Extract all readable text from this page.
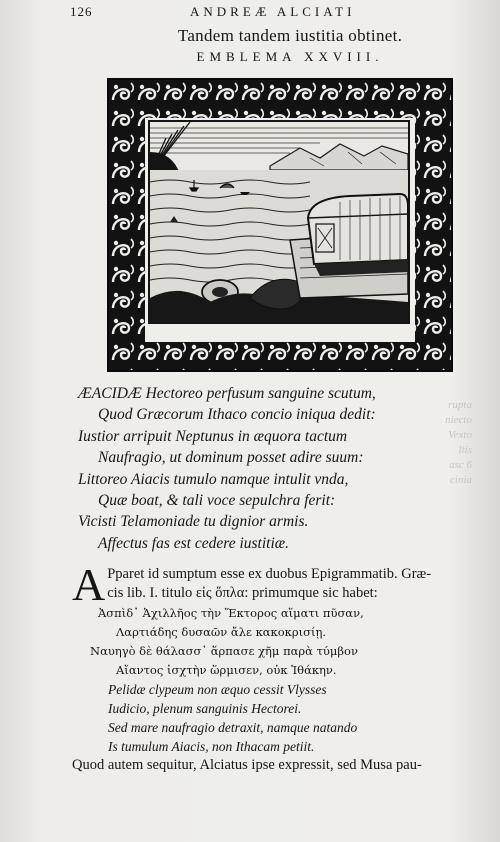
rupta
niecto
Vexto
ltis
asc 6
cinia
126	ANDREÆ ALCIATI
Tandem tandem iustitia obtinet.
EMBLEMA XXVIII.
ÆACIDÆ Hectoreo perfusum sanguine scutum,
Quod Græcorum Ithaco concio iniqua dedit:
Iustior arripuit Neptunus in æquora tactum
Naufragio, ut dominum posset adire suum:
Littoreo Aiacis tumulo namque intulit vnda,
Quæ boat, & tali voce sepulchra ferit:
Vicisti Telamoniade tu dignior armis.
Affectus fas est cedere iustitiæ.
A Pparet id sumptum esse ex duobus Epigrammatib. Græ-
cis lib. I. titulo εἰς ὅπλα: primumque sic habet:
Ἀσπὶδ᾽ Ἀχιλλῆος τὴν Ἕκτορος αἵματι πῦσαν,
Λαρτιάδης δυσαῶν ἄλε κακοκρισίῃ.
Ναυηγὸ δὲ θάλασσ᾽ ἅρπασε χῆμ παρὰ τύμβον
Αἴαντος ἰσχτὴν ὥρμισεν, οὐκ Ἰθάκην.
Pelidæ clypeum non æquo cessit Vlysses
Iudicio, plenum sanguinis Hectorei.
Sed mare naufragio detraxit, namque natando
Is tumulum Aiacis, non Ithacam petiit.
Quod autem sequitur, Alciatus ipse expressit, sed Musa pau-
